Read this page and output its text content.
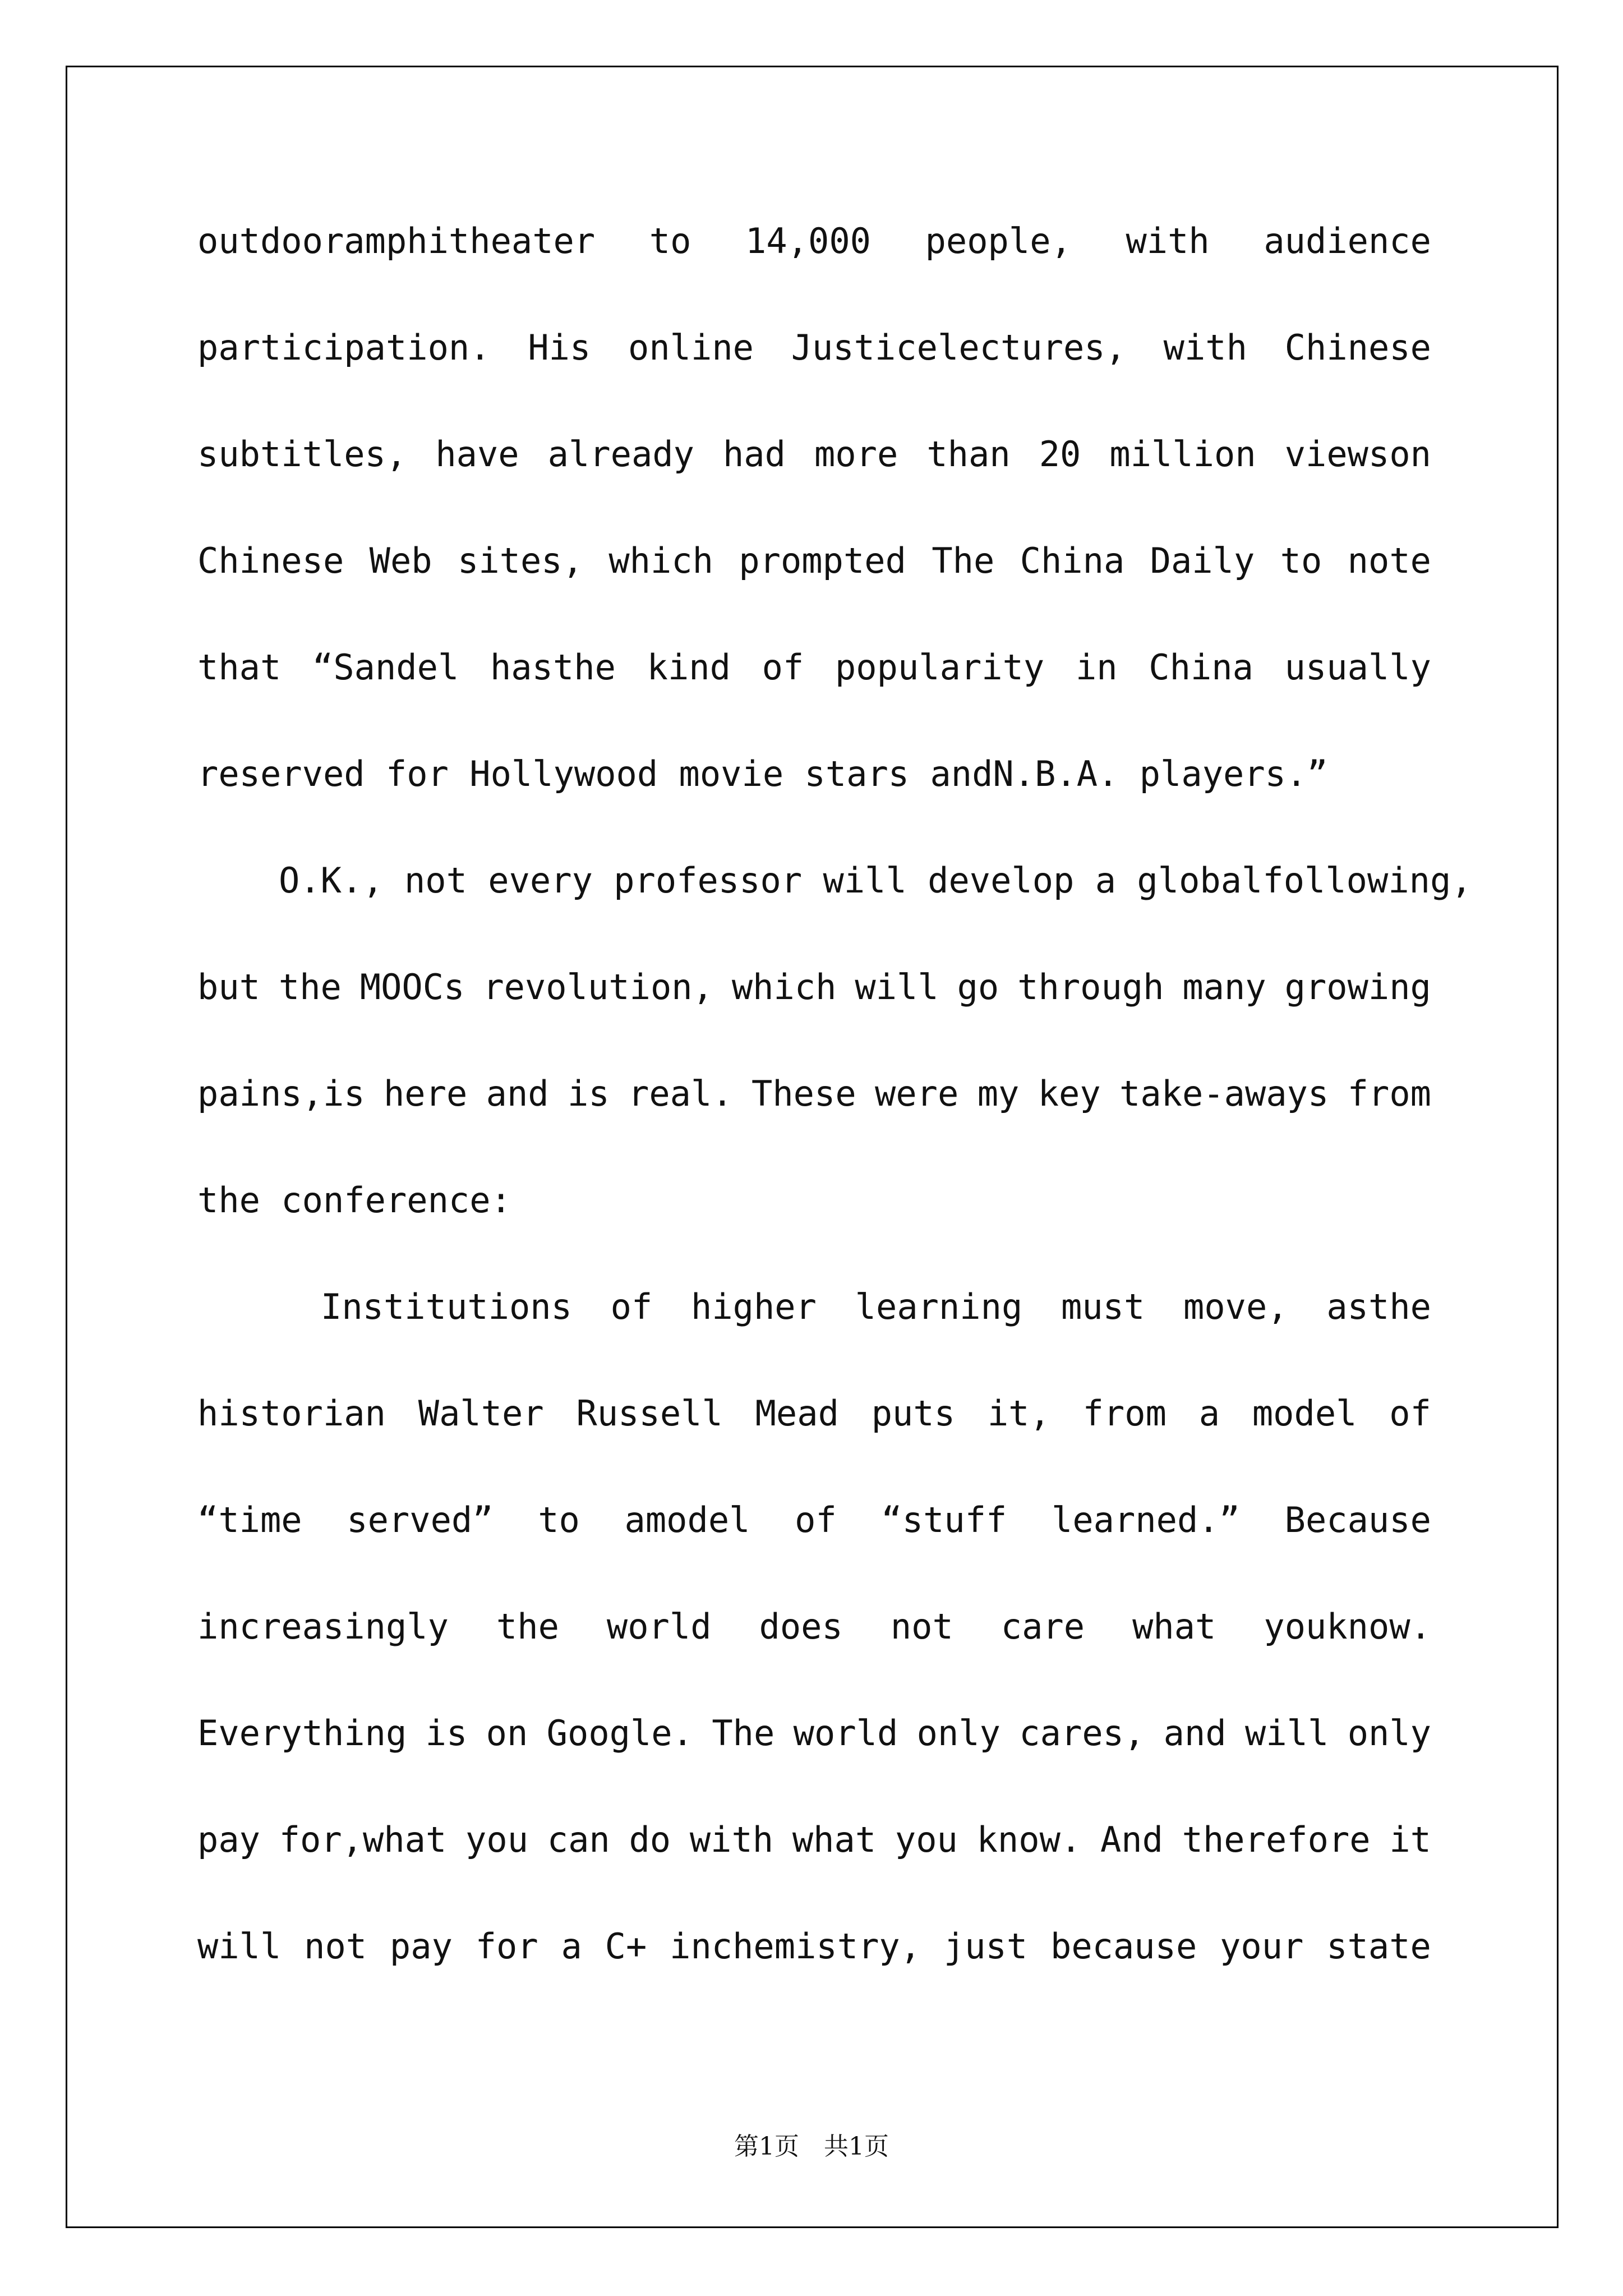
outdooramphitheater to 14,000 people, with audience
participation. His online Justicelectures, with Chinese
subtitles, have already had more than 20 million viewson
Chinese Web sites, which prompted The China Daily to note
that “Sandel hasthe kind of popularity in China usually
reserved for Hollywood movie stars andN.B.A. players.”
O.K., not every professor will develop a globalfollowing,
but the MOOCs revolution, which will go through many growing
pains,is here and is real. These were my key take-aways from
the conference:
Institutions of higher learning must move, asthe
historian Walter Russell Mead puts it, from a model of
“time served” to amodel of “stuff learned.” Because
increasingly the world does not care what youknow.
Everything is on Google. The world only cares, and will only
pay for,what you can do with what you know. And therefore it
will not pay for a C+ inchemistry, just because your state
第1页　共1页
